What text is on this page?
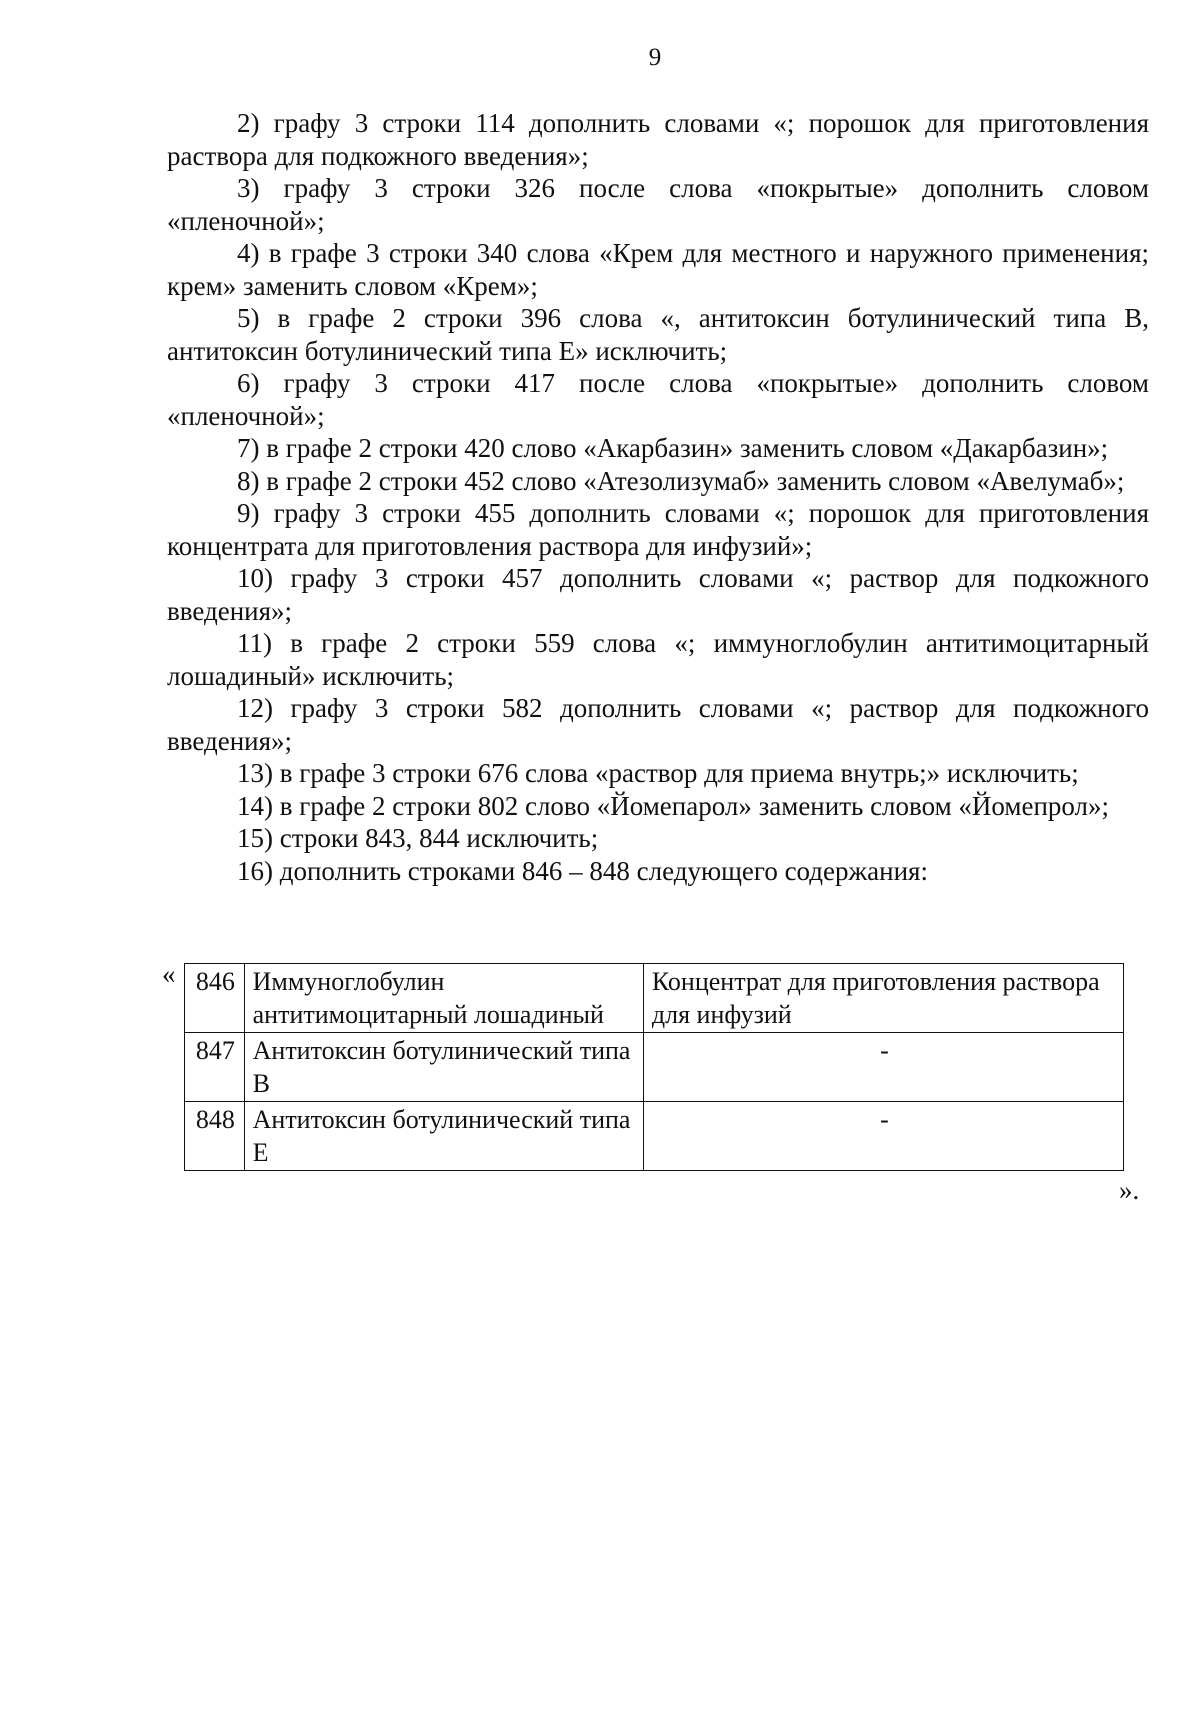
9

2) графу 3 строки 114 дополнить словами «; порошок для приготовления раствора для подкожного введения»;

3) графу 3 строки 326 после слова «покрытые» дополнить словом «пленочной»;

4) в графе 3 строки 340 слова «Крем для местного и наружного применения; крем» заменить словом «Крем»;

5) в графе 2 строки 396 слова «, антитоксин ботулинический типа В, антитоксин ботулинический типа Е» исключить;

6) графу 3 строки 417 после слова «покрытые» дополнить словом «пленочной»;

7) в графе 2 строки 420 слово «Акарбазин» заменить словом «Дакарбазин»;

8) в графе 2 строки 452 слово «Атезолизумаб» заменить словом «Авелумаб»;

9) графу 3 строки 455 дополнить словами «; порошок для приготовления концентрата для приготовления раствора для инфузий»;

10) графу 3 строки 457 дополнить словами «; раствор для подкожного введения»;

11) в графе 2 строки 559 слова «; иммуноглобулин антитимоцитарный лошадиный» исключить;

12) графу 3 строки 582 дополнить словами «; раствор для подкожного введения»;

13) в графе 3 строки 676 слова «раствор для приема внутрь;» исключить;

14) в графе 2 строки 802 слово «Йомепарол» заменить словом «Йомепрол»;

15) строки 843, 844 исключить;

16) дополнить строками 846 – 848 следующего содержания:

« 846	Иммуноглобулин антитимоцитарный лошадиный	Концентрат для приготовления раствора для инфузий
847	Антитоксин ботулинический типа В	-
848	Антитоксин ботулинический типа Е	-
».
